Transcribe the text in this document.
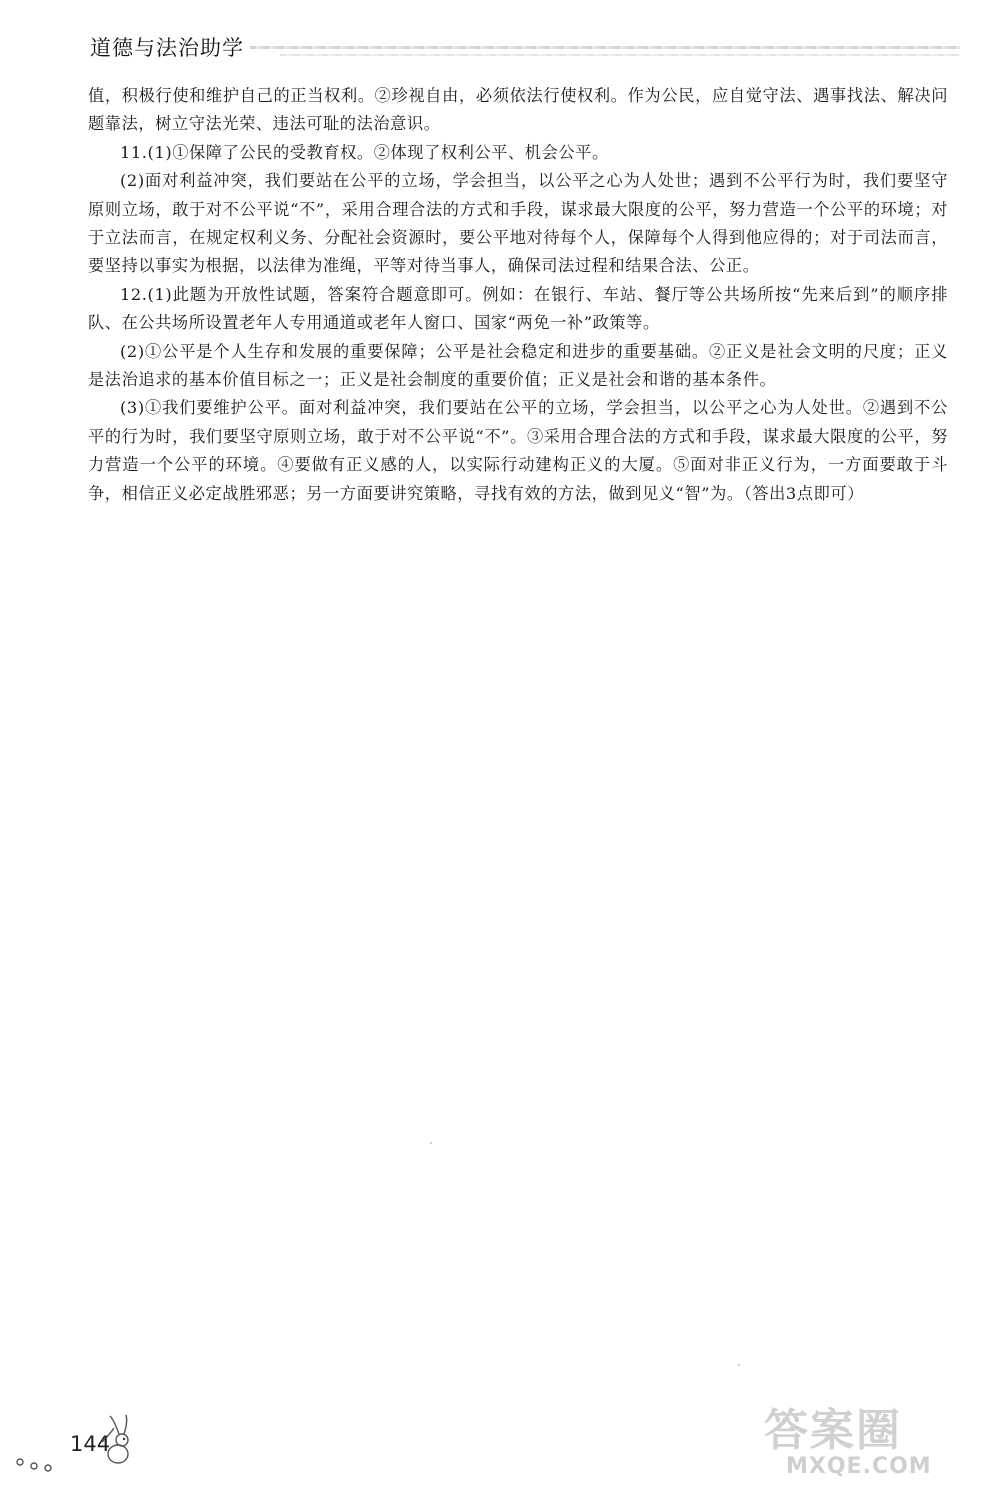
道德与法治助学

值，积极行使和维护自己的正当权利。②珍视自由，必须依法行使权利。作为公民，应自觉守法、遇事找法、解决问题靠法，树立守法光荣、违法可耻的法治意识。

11.(1)①保障了公民的受教育权。②体现了权利公平、机会公平。

(2)面对利益冲突，我们要站在公平的立场，学会担当，以公平之心为人处世；遇到不公平行为时，我们要坚守原则立场，敢于对不公平说“不”，采用合理合法的方式和手段，谋求最大限度的公平，努力营造一个公平的环境；对于立法而言，在规定权利义务、分配社会资源时，要公平地对待每个人，保障每个人得到他应得的；对于司法而言，要坚持以事实为根据，以法律为准绳，平等对待当事人，确保司法过程和结果合法、公正。

12.(1)此题为开放性试题，答案符合题意即可。例如：在银行、车站、餐厅等公共场所按“先来后到”的顺序排队、在公共场所设置老年人专用通道或老年人窗口、国家“两免一补”政策等。

(2)①公平是个人生存和发展的重要保障；公平是社会稳定和进步的重要基础。②正义是社会文明的尺度；正义是法治追求的基本价值目标之一；正义是社会制度的重要价值；正义是社会和谐的基本条件。

(3)①我们要维护公平。面对利益冲突，我们要站在公平的立场，学会担当，以公平之心为人处世。②遇到不公平的行为时，我们要坚守原则立场，敢于对不公平说“不”。③采用合理合法的方式和手段，谋求最大限度的公平，努力营造一个公平的环境。④要做有正义感的人，以实际行动建构正义的大厦。⑤面对非正义行为，一方面要敢于斗争，相信正义必定战胜邪恶；另一方面要讲究策略，寻找有效的方法，做到见义“智”为。（答出3点即可）

144	答案圈
MXQE.COM
